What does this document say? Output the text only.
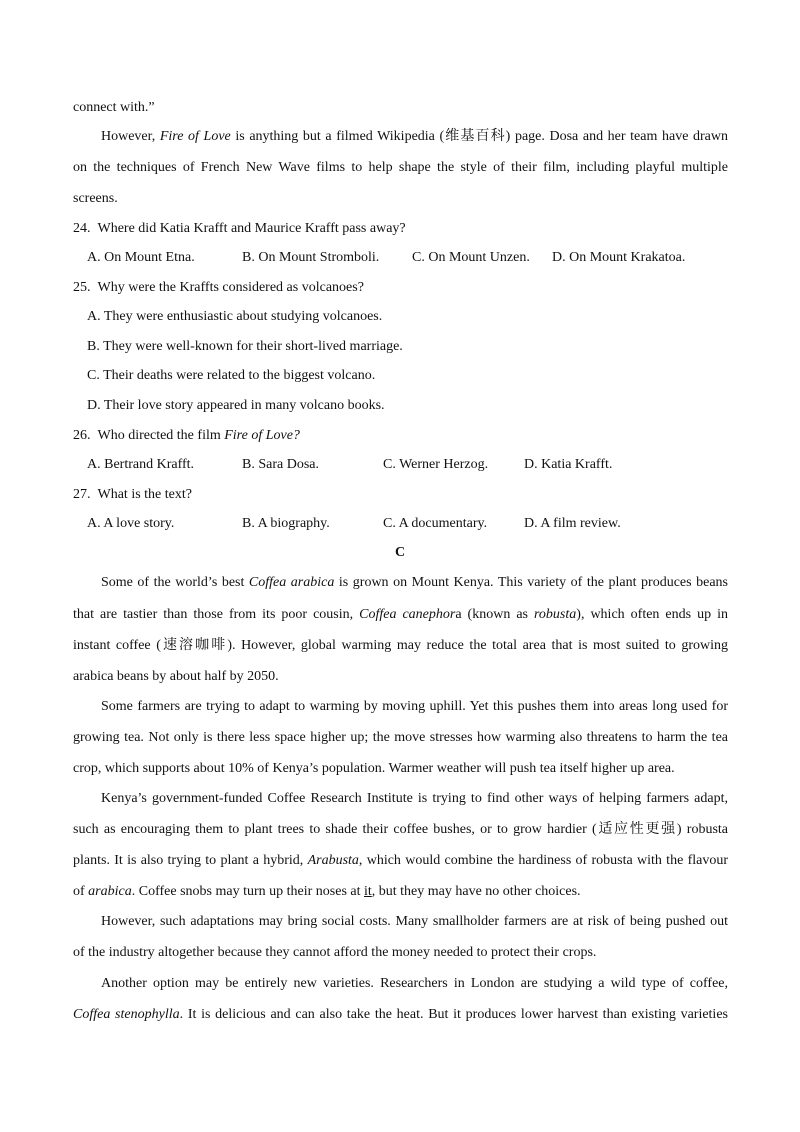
connect with.”
However, Fire of Love is anything but a filmed Wikipedia (维基百科) page. Dosa and her team have drawn
on the techniques of French New Wave films to help shape the style of their film, including playful multiple
screens.
24. Where did Katia Krafft and Maurice Krafft pass away?
A. On Mount Etna.	B. On Mount Stromboli. C. On Mount Unzen. D. On Mount Krakatoa.
25. Why were the Kraffts considered as volcanoes?
A. They were enthusiastic about studying volcanoes.
B. They were well-known for their short-lived marriage.
C. Their deaths were related to the biggest volcano.
D. Their love story appeared in many volcano books.
26. Who directed the film Fire of Love?
A. Bertrand Krafft.	B. Sara Dosa.	C. Werner Herzog.	D. Katia Krafft.
27. What is the text?
A. A love story.	B. A biography.	C. A documentary.	D. A film review.
C
Some of the world’s best Coffea arabica is grown on Mount Kenya. This variety of the plant produces beans
that are tastier than those from its poor cousin, Coffea canephora (known as robusta), which often ends up in
instant coffee (速溶咖啡). However, global warming may reduce the total area that is most suited to growing
arabica beans by about half by 2050.
Some farmers are trying to adapt to warming by moving uphill. Yet this pushes them into areas long used for
growing tea. Not only is there less space higher up; the move stresses how warming also threatens to harm the tea
crop, which supports about 10% of Kenya’s population. Warmer weather will push tea itself higher up area.
Kenya’s government-funded Coffee Research Institute is trying to find other ways of helping farmers adapt,
such as encouraging them to plant trees to shade their coffee bushes, or to grow hardier (适应性更强) robusta
plants. It is also trying to plant a hybrid, Arabusta, which would combine the hardiness of robusta with the flavour
of arabica. Coffee snobs may turn up their noses at it, but they may have no other choices.
However, such adaptations may bring social costs. Many smallholder farmers are at risk of being pushed out
of the industry altogether because they cannot afford the money needed to protect their crops.
Another option may be entirely new varieties. Researchers in London are studying a wild type of coffee,
Coffea stenophylla. It is delicious and can also take the heat. But it produces lower harvest than existing varieties
